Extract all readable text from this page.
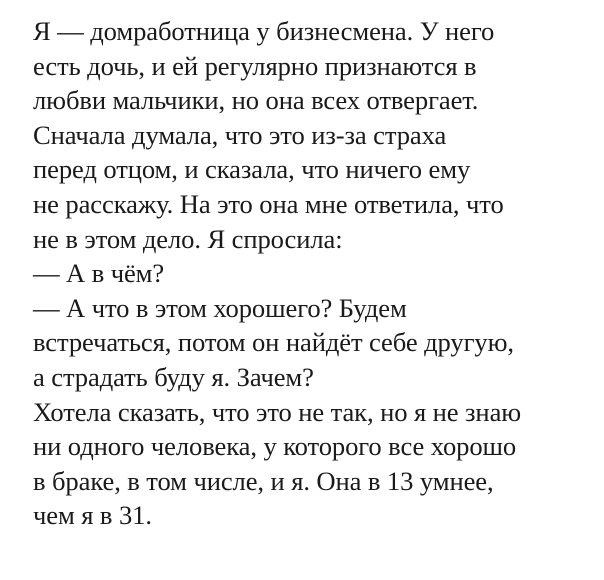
Я — домработница у бизнесмена. У него
есть дочь, и ей регулярно признаются в
любви мальчики, но она всех отвергает.
Сначала думала, что это из-за страха
перед отцом, и сказала, что ничего ему
не расскажу. На это она мне ответила, что
не в этом дело. Я спросила:
— А в чём?
— А что в этом хорошего? Будем
встречаться, потом он найдёт себе другую,
а страдать буду я. Зачем?
Хотела сказать, что это не так, но я не знаю
ни одного человека, у которого все хорошо
в браке, в том числе, и я. Она в 13 умнее,
чем я в 31.
